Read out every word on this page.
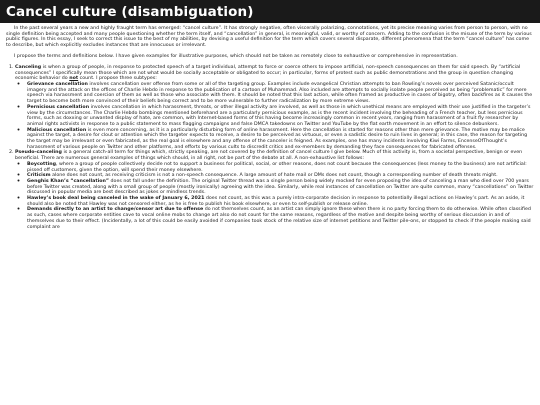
Cancel culture (disambiguation)

In the past several years a new and highly fraught term has emerged: “cancel culture”. It has strongly negative, often viscerally polarizing, connotations, yet its precise meaning varies from person to person, with no single definition being accepted and many people questioning whether the term itself, and “cancellation” in general, is meaningful, valid, or worthy of concern. Adding to the confusion is the misuse of the term by various public figures. In this essay, I seek to correct this issue to the best of my abilities, by devising a useful definition for the term which covers several disparate, different phenomena that the term “cancel culture” has come to describe, but which explicitly excludes instances that are innocuous or irrelevant.

I propose the terms and definitions below. I have given examples for illustrative purposes, which should not be taken as remotely close to exhaustive or comprehensive in representation.

1. Canceling is when a group of people, in response to protected speech of a target individual, attempt to force or coerce others to impose artificial, non-speech consequences on them for said speech. By “artificial consequences” I specifically mean those which are not what would be socially acceptable or obligated to occur; in particular, forms of protest such as public demonstrations and the group in question changing economic behavior do not count. I propose three subtypes:
◦ Grievance cancellation involves cancellation over offense from some or all of the targeting group. Examples include evangelical Christian attempts to ban Rowling’s novels over perceived Satanic/occult imagery and the attack on the offices of Charlie Hebdo in response to the publication of a cartoon of Muhammad. Also included are attempts to socially isolate people perceived as being “problematic” for mere speech via harassment and coercion of them as well as those who associate with them. It should be noted that this last action, while often framed as productive in cases of bigotry, often backfires as it causes the target to become both more convinced of their beliefs being correct and to be more vulnerable to further radicalization by more extreme views.
◦ Pernicious cancellation involves cancellation in which harassment, threats, or other illegal activity are involved, as well as those in which unethical means are employed with their use justified in the targeter’s view by the circumstances. The Charlie Hebdo bombings mentioned beforehand are a particularly pernicious example, as is the recent incident involving the beheading of a French teacher, but less pernicious forms, such as doxxing or unwanted display of hate, are common, with Internet-based forms of this having become increasingly common in recent years, ranging from harassment of a fruit fly researcher by animal rights activists in response to a public statement to mass flagging campaigns and false DMCA takedowns on Twitter and YouTube by the flat earth movement in an effort to silence debunkers.
◦ Malicious cancellation is even more concerning, as it is a particularly disturbing form of online harassment. Here the cancellation is started for reasons other than mere grievance. The motive may be malice against the target, a desire for clout or attention which the targeter expects to receive, a desire to be perceived as virtuous, or even a sadistic desire to ruin lives in general; in this case, the reason for targeting the target may be irrelevant or even fabricated, as the real goal is elsewhere and any offense of the canceler is feigned. As examples, one has many incidents involving Kiwi Farms, EncenseOfThought’s harassment of various people on Twitter and other platforms, and efforts by various cults to discredit critics and ex-members by demanding they face consequences for fabricated offenses.
2. Pseudo-canceling is a general catch-all term for things which, strictly speaking, are not covered by the definition of cancel culture I give below. Much of this activity is, from a societal perspective, benign or even beneficial. There are numerous general examples of things which should, in all right, not be part of the debate at all. A non-exhaustive list follows:
◦ Boycotting, where a group of people collectively decide not to support a business for political, social, or other reasons, does not count because the consequences (less money to the business) are not artificial: pissed off customers, given the option, will spend their money elsewhere.
◦ Criticism alone does not count, as receiving criticism is not a non-speech consequence. A large amount of hate mail or DMs does not count, though a corresponding number of death threats might.
◦ Genghis Khan’s “cancellation” does not fall under the definition. The original Twitter thread was a single person being widely mocked for even proposing the idea of canceling a man who died over 700 years before Twitter was created, along with a small group of people (mostly ironically) agreeing with the idea. Similarly, while real instances of cancellation on Twitter are quite common, many “cancellations” on Twitter discussed in popular media are best described as jokes or mindless trends.
◦ Hawley’s book deal being canceled in the wake of January 6, 2021 does not count, as this was a purely intra-corporate decision in response to potentially illegal actions on Hawley’s part. As an aside, it should also be noted that Hawley was not censored either, as he is free to publish his book elsewhere, or even to self-publish or release online.
◦ Demands directly to an artist to change/censor art due to offense do not themselves count, as an artist can simply ignore these when there is no party forcing them to do otherwise. While often classified as such, cases where corporate entities cave to vocal online mobs to change art also do not count for the same reasons, regardless of the motive and despite being worthy of serious discussion in and of themselves due to their effect. (Incidentally, a lot of this could be easily avoided if companies took stock of the relative size of internet petitions and Twitter pile-ons, or stopped to check if the people making said complaint are
